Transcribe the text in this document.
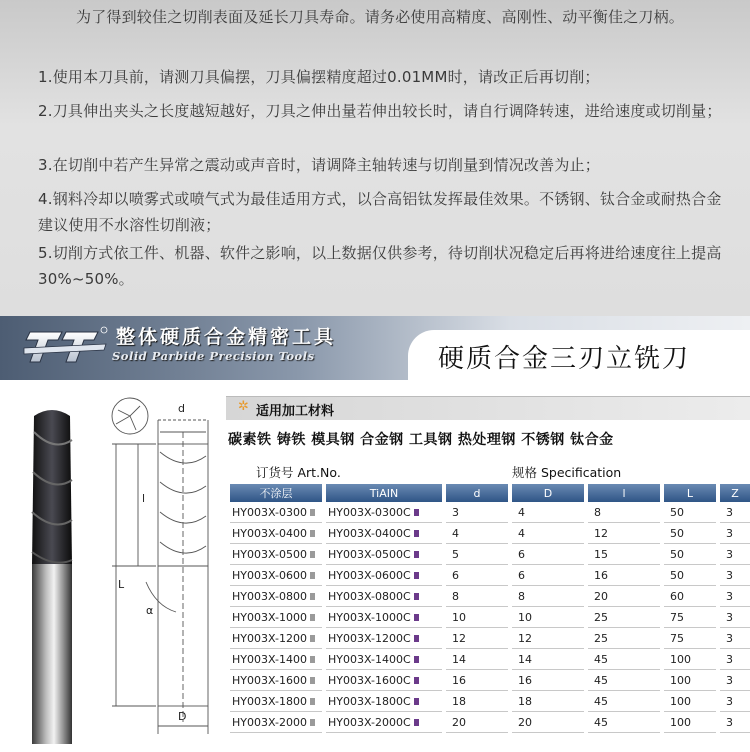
为了得到较佳之切削表面及延长刀具寿命。请务必使用高精度、高刚性、动平衡佳之刀柄。

1.使用本刀具前，请测刀具偏摆，刀具偏摆精度超过0.01MM时，请改正后再切削；

2.刀具伸出夹头之长度越短越好，刀具之伸出量若伸出较长时，请自行调降转速，进给速度或切削量；

3.在切削中若产生异常之震动或声音时，请调降主轴转速与切削量到情况改善为止；

4.钢料冷却以喷雾式或喷气式为最佳适用方式，以合高铝钛发挥最佳效果。不锈钢、钛合金或耐热合金建议使用不水溶性切削液；

5.切削方式依工件、机器、软件之影响，以上数据仅供参考，待切削状况稳定后再将进给速度往上提高30%~50%。

整体硬质合金精密工具
Solid Parbide Precision Tools	硬质合金三刃立铣刀
d
l
L
α
D
✲ 适用加工材料
碳素铁 铸铁 模具钢 合金钢 工具钢 热处理钢 不锈钢 钛合金
订货号 Art.No.	规格 Specification
不涂层	TiAIN	d	D	l	L	Z
HY003X-0300	HY003X-0300C	3	4	8	50	3
HY003X-0400	HY003X-0400C	4	4	12	50	3
HY003X-0500	HY003X-0500C	5	6	15	50	3
HY003X-0600	HY003X-0600C	6	6	16	50	3
HY003X-0800	HY003X-0800C	8	8	20	60	3
HY003X-1000	HY003X-1000C	10	10	25	75	3
HY003X-1200	HY003X-1200C	12	12	25	75	3
HY003X-1400	HY003X-1400C	14	14	45	100	3
HY003X-1600	HY003X-1600C	16	16	45	100	3
HY003X-1800	HY003X-1800C	18	18	45	100	3
HY003X-2000	HY003X-2000C	20	20	45	100	3
